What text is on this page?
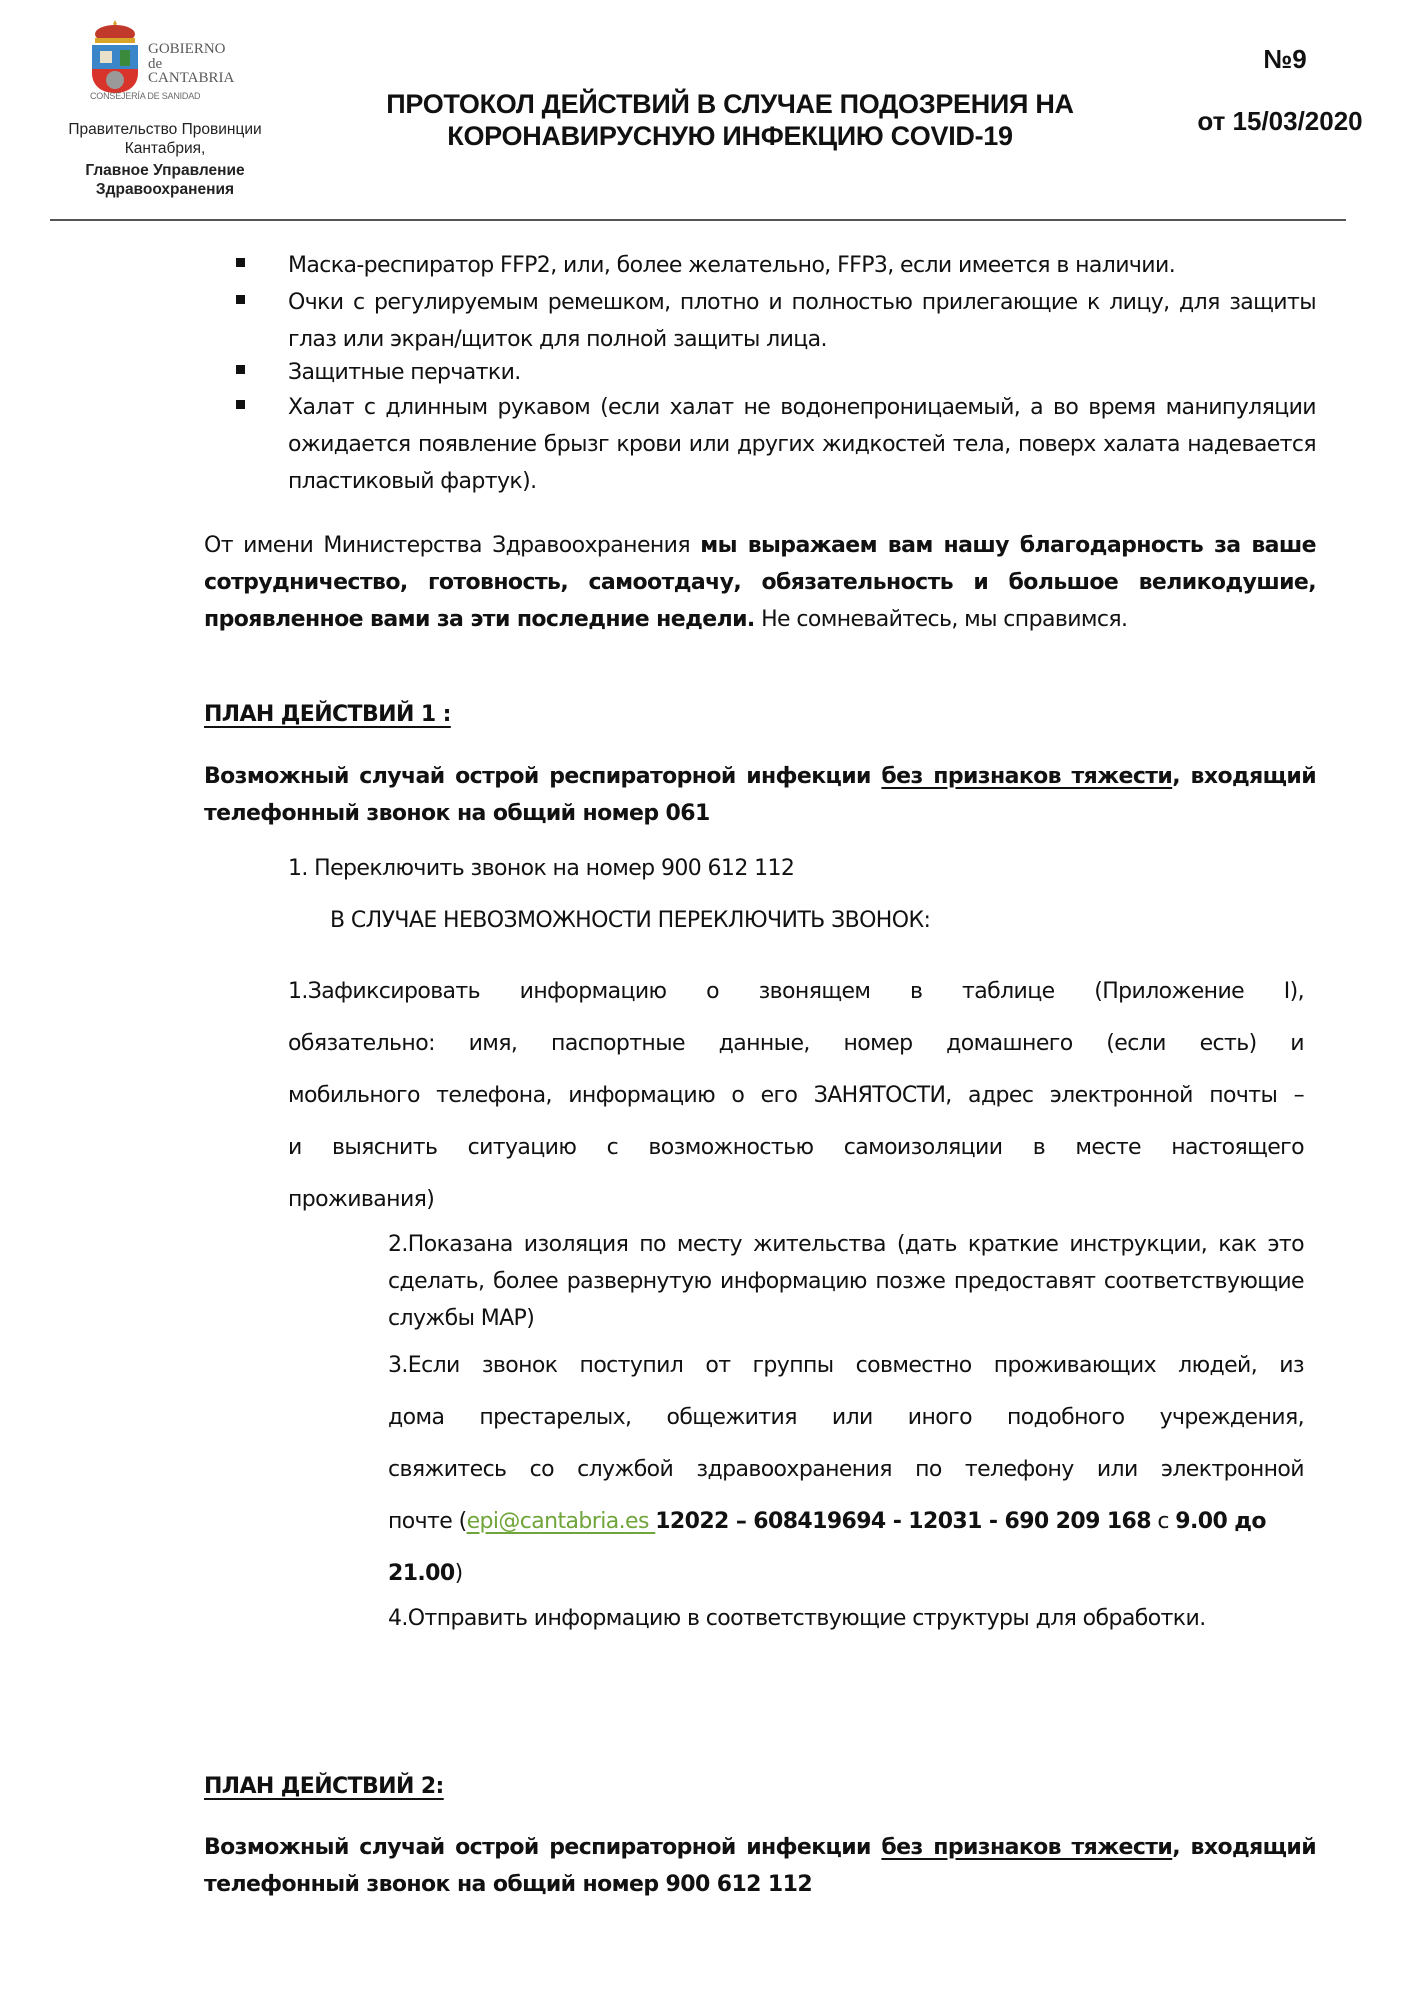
GOBIERNO
de
CANTABRIA
CONSEJERÍA DE SANIDAD
Правительство Провинции
Кантабрия,
Главное Управление
Здравоохранения
ПРОТОКОЛ ДЕЙСТВИЙ В СЛУЧАЕ ПОДОЗРЕНИЯ НА
КОРОНАВИРУСНУЮ ИНФЕКЦИЮ COVID-19
№9
от 15/03/2020
Маска-респиратор FFP2, или, более желательно, FFP3, если имеется в наличии.
Очки с регулируемым ремешком, плотно и полностью прилегающие к лицу, для защиты глаз или экран/щиток для полной защиты лица.
Защитные перчатки.
Халат с длинным рукавом (если халат не водонепроницаемый, а во время манипуляции ожидается появление брызг крови или других жидкостей тела, поверх халата надевается пластиковый фартук).
От имени Министерства Здравоохранения мы выражаем вам нашу благодарность за ваше сотрудничество, готовность, самоотдачу, обязательность и большое великодушие, проявленное вами за эти последние недели. Не сомневайтесь, мы справимся.
ПЛАН ДЕЙСТВИЙ 1 :
Возможный случай острой респираторной инфекции без признаков тяжести, входящий телефонный звонок на общий номер 061
1. Переключить звонок на номер 900 612 112
В СЛУЧАЕ НЕВОЗМОЖНОСТИ ПЕРЕКЛЮЧИТЬ ЗВОНОК:
1.Зафиксировать информацию о звонящем в таблице (Приложение I),
обязательно: имя, паспортные данные, номер домашнего (если есть) и
мобильного телефона, информацию о его ЗАНЯТОСТИ, адрес электронной почты –
и выяснить ситуацию с возможностью самоизоляции в месте настоящего
проживания)
2.Показана изоляция по месту жительства (дать краткие инструкции, как это сделать, более развернутую информацию позже предоставят соответствующие службы MAP)
3.Если звонок поступил от группы совместно проживающих людей, из
дома престарелых, общежития или иного подобного учреждения,
свяжитесь со службой здравоохранения по телефону или электронной
почте (epi@cantabria.es 12022 – 608419694 - 12031 - 690 209 168 с 9.00 до
21.00)
4.Отправить информацию в соответствующие структуры для обработки.
ПЛАН ДЕЙСТВИЙ 2:
Возможный случай острой респираторной инфекции без признаков тяжести, входящий телефонный звонок на общий номер 900 612 112
